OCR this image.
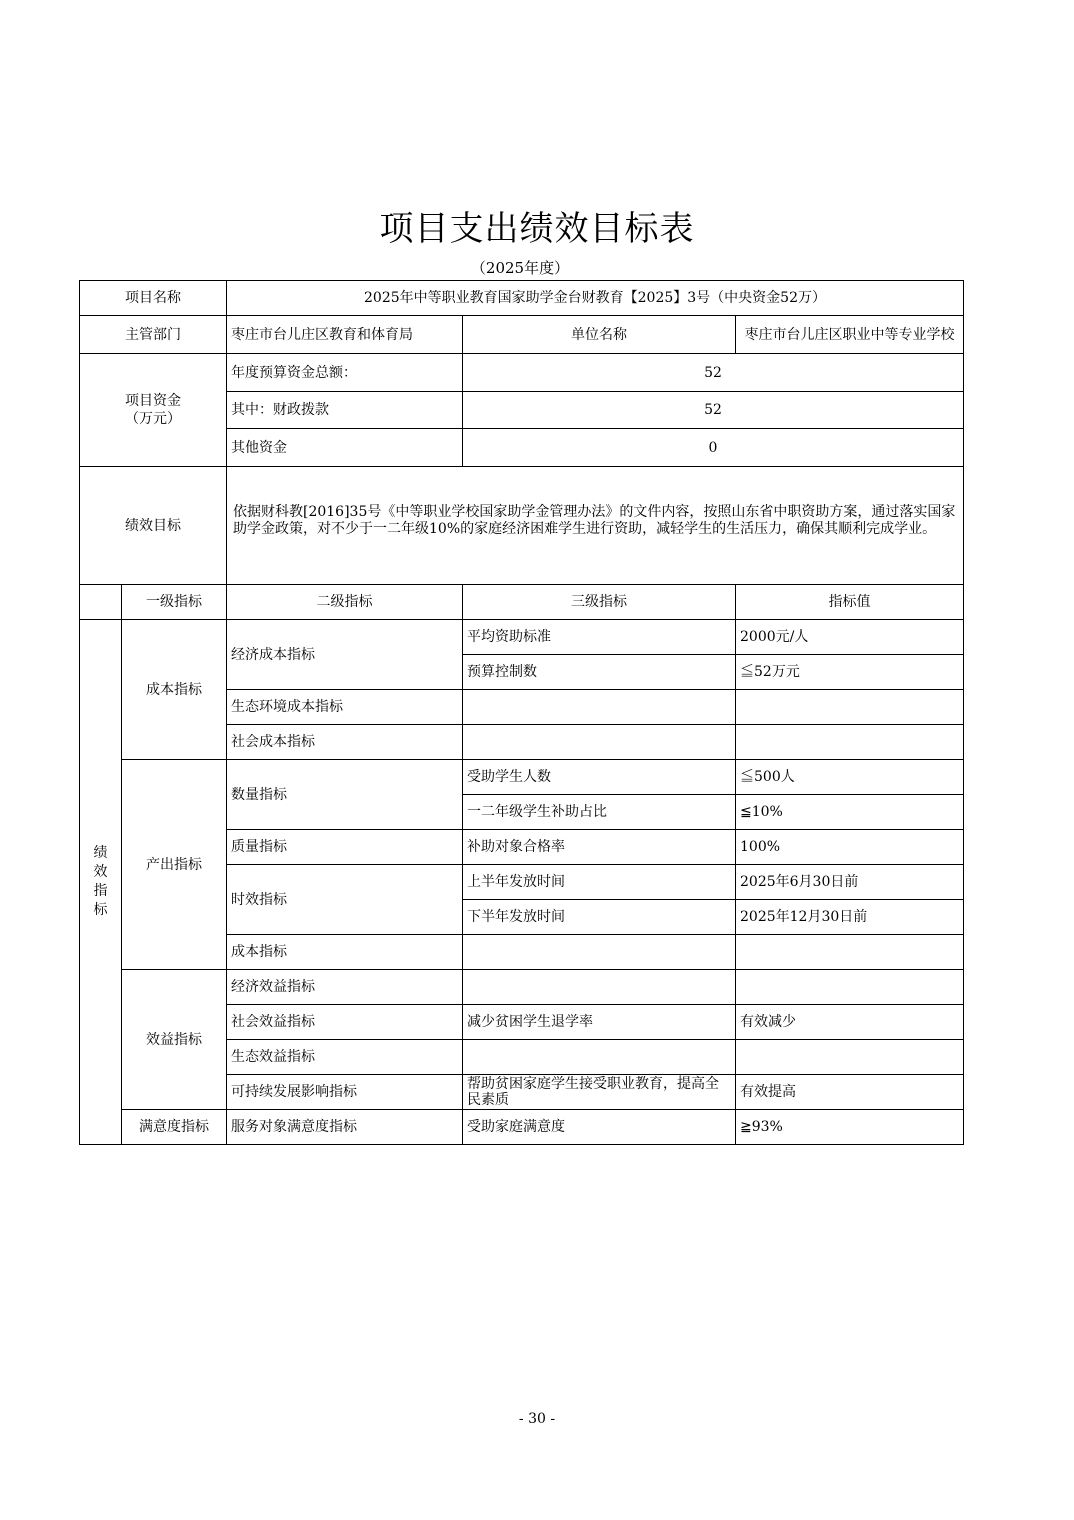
项目支出绩效目标表
（2025年度）
项目名称		2025年中等职业教育国家助学金台财教育【2025】3号（中央资金52万）		
主管部门		枣庄市台儿庄区教育和体育局	单位名称	枣庄市台儿庄区职业中等专业学校
项目资金
（万元）		年度预算资金总额：	52	
		其中：财政拨款	52	
		其他资金	0	
绩效目标		依据财科教[2016]35号《中等职业学校国家助学金管理办法》的文件内容，按照山东省中职资助方案，通过落实国家助学金政策，对不少于一二年级10%的家庭经济困难学生进行资助，减轻学生的生活压力，确保其顺利完成学业。		

	一级指标	二级指标	三级指标	指标值
绩
效
指
标	成本指标	经济成本指标	平均资助标准	2000元/人
			预算控制数	≦52万元
		生态环境成本指标		
		社会成本指标		
	产出指标	数量指标	受助学生人数	≦500人
			一二年级学生补助占比	≦10%
		质量指标	补助对象合格率	100%
		时效指标	上半年发放时间	2025年6月30日前
			下半年发放时间	2025年12月30日前
		成本指标		
	效益指标	经济效益指标		
		社会效益指标	减少贫困学生退学率	有效减少
		生态效益指标		
		可持续发展影响指标	帮助贫困家庭学生接受职业教育，提高全民素质	有效提高
	满意度指标	服务对象满意度指标	受助家庭满意度	≧93%
- 30 -
